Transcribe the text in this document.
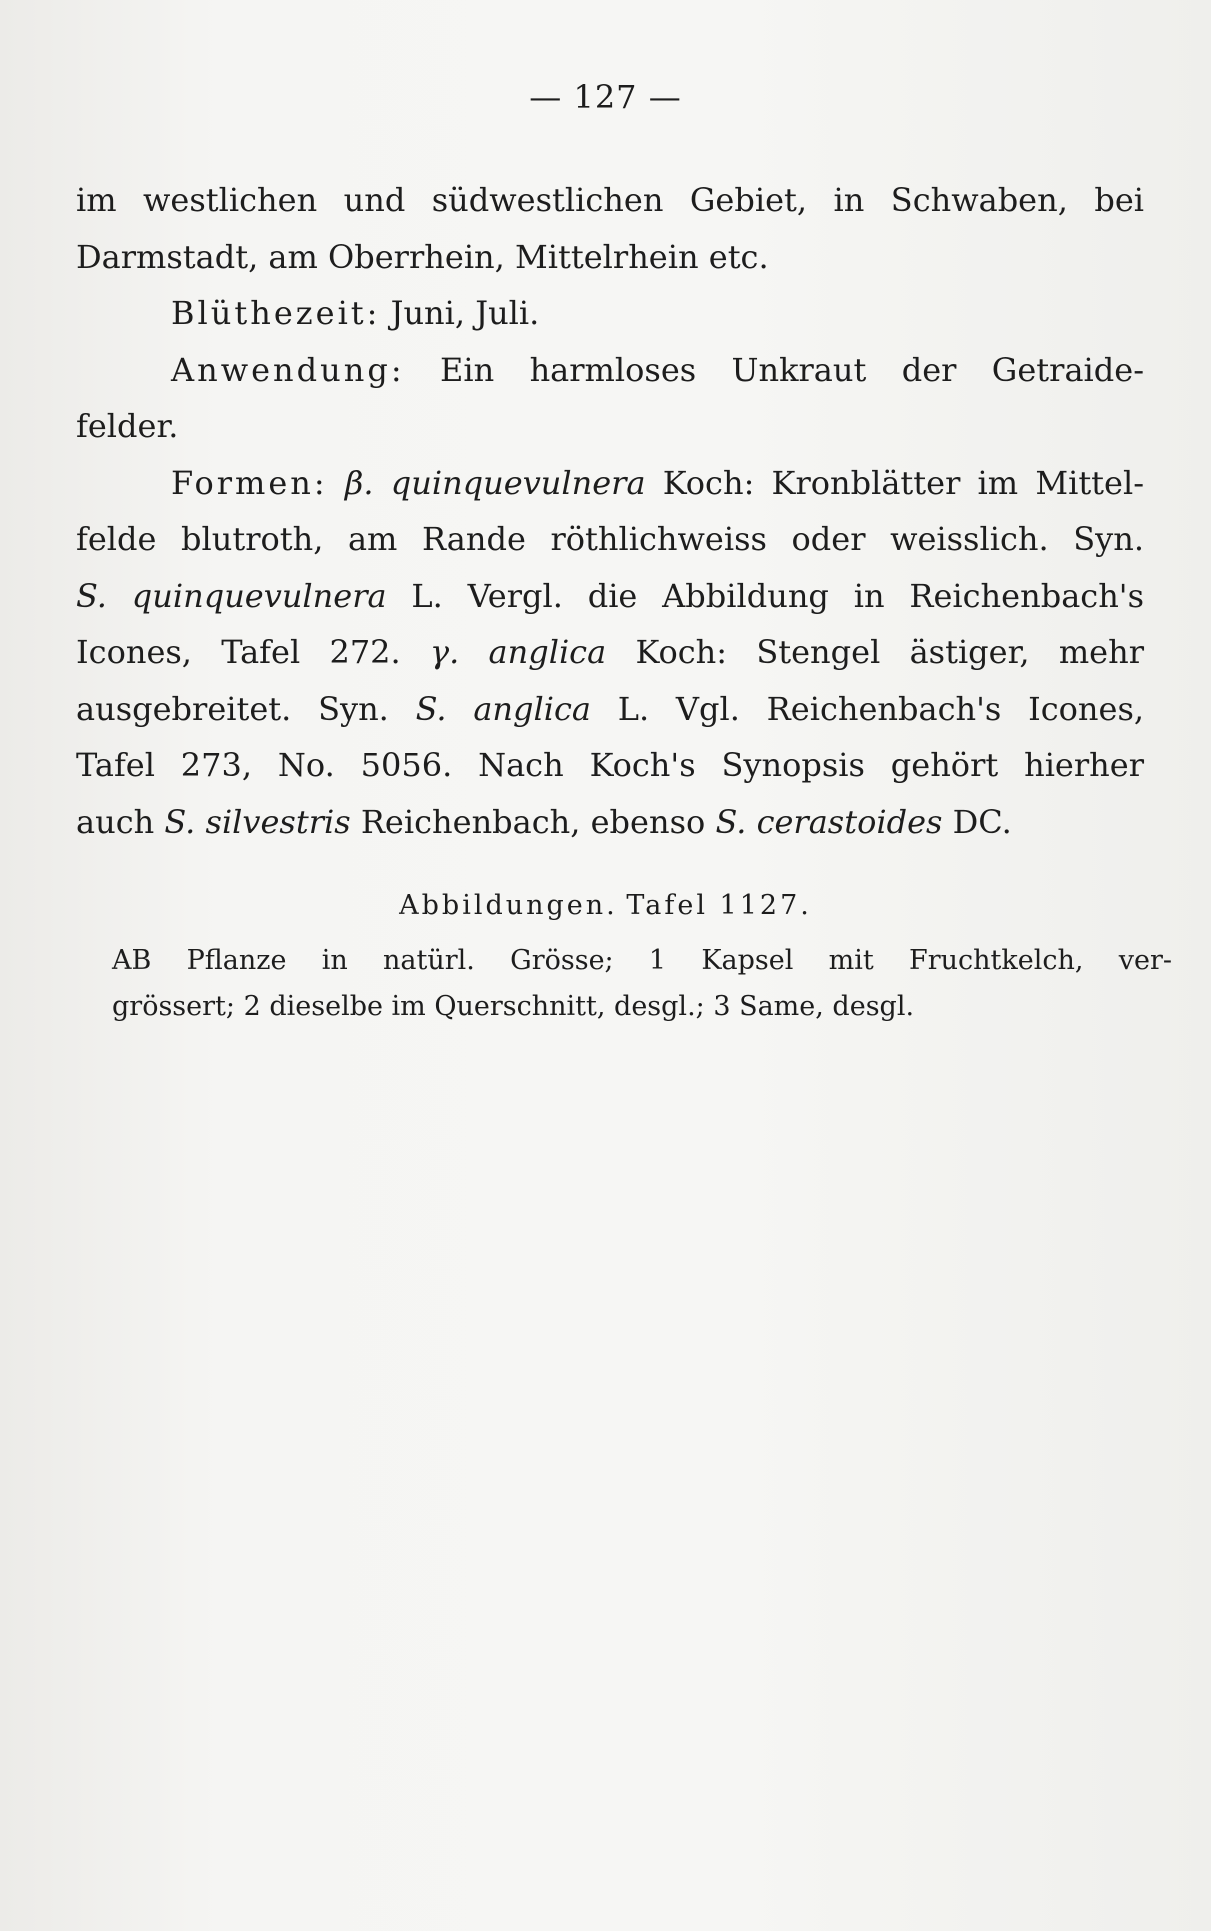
— 127 —
im westlichen und südwestlichen Gebiet, in Schwaben, bei
Darmstadt, am Oberrhein, Mittelrhein etc.
Blüthezeit: Juni, Juli.
Anwendung: Ein harmloses Unkraut der Getraide-
felder.
Formen: β. quinquevulnera Koch: Kronblätter im Mittel-
felde blutroth, am Rande röthlichweiss oder weisslich. Syn.
S. quinquevulnera L. Vergl. die Abbildung in Reichenbach's
Icones, Tafel 272. γ. anglica Koch: Stengel ästiger, mehr
ausgebreitet. Syn. S. anglica L. Vgl. Reichenbach's Icones,
Tafel 273, No. 5056. Nach Koch's Synopsis gehört hierher
auch S. silvestris Reichenbach, ebenso S. cerastoides DC.
Abbildungen. Tafel 1127.
AB Pflanze in natürl. Grösse; 1 Kapsel mit Fruchtkelch, ver-
grössert; 2 dieselbe im Querschnitt, desgl.; 3 Same, desgl.
